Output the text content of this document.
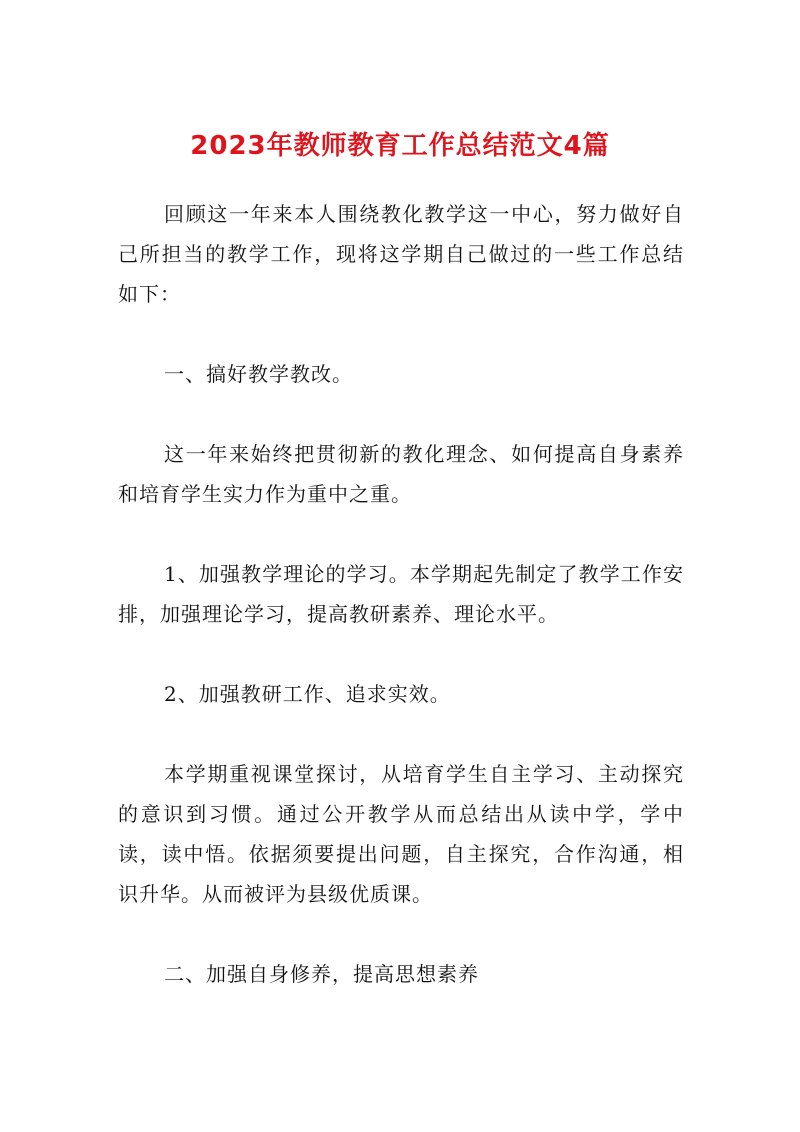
2023年教师教育工作总结范文4篇

回顾这一年来本人围绕教化教学这一中心，努力做好自己所担当的教学工作，现将这学期自己做过的一些工作总结如下：

一、搞好教学教改。

这一年来始终把贯彻新的教化理念、如何提高自身素养和培育学生实力作为重中之重。

1、加强教学理论的学习。本学期起先制定了教学工作安排，加强理论学习，提高教研素养、理论水平。

2、加强教研工作、追求实效。

本学期重视课堂探讨，从培育学生自主学习、主动探究的意识到习惯。通过公开教学从而总结出从读中学，学中读，读中悟。依据须要提出问题，自主探究，合作沟通，相识升华。从而被评为县级优质课。

二、加强自身修养，提高思想素养
